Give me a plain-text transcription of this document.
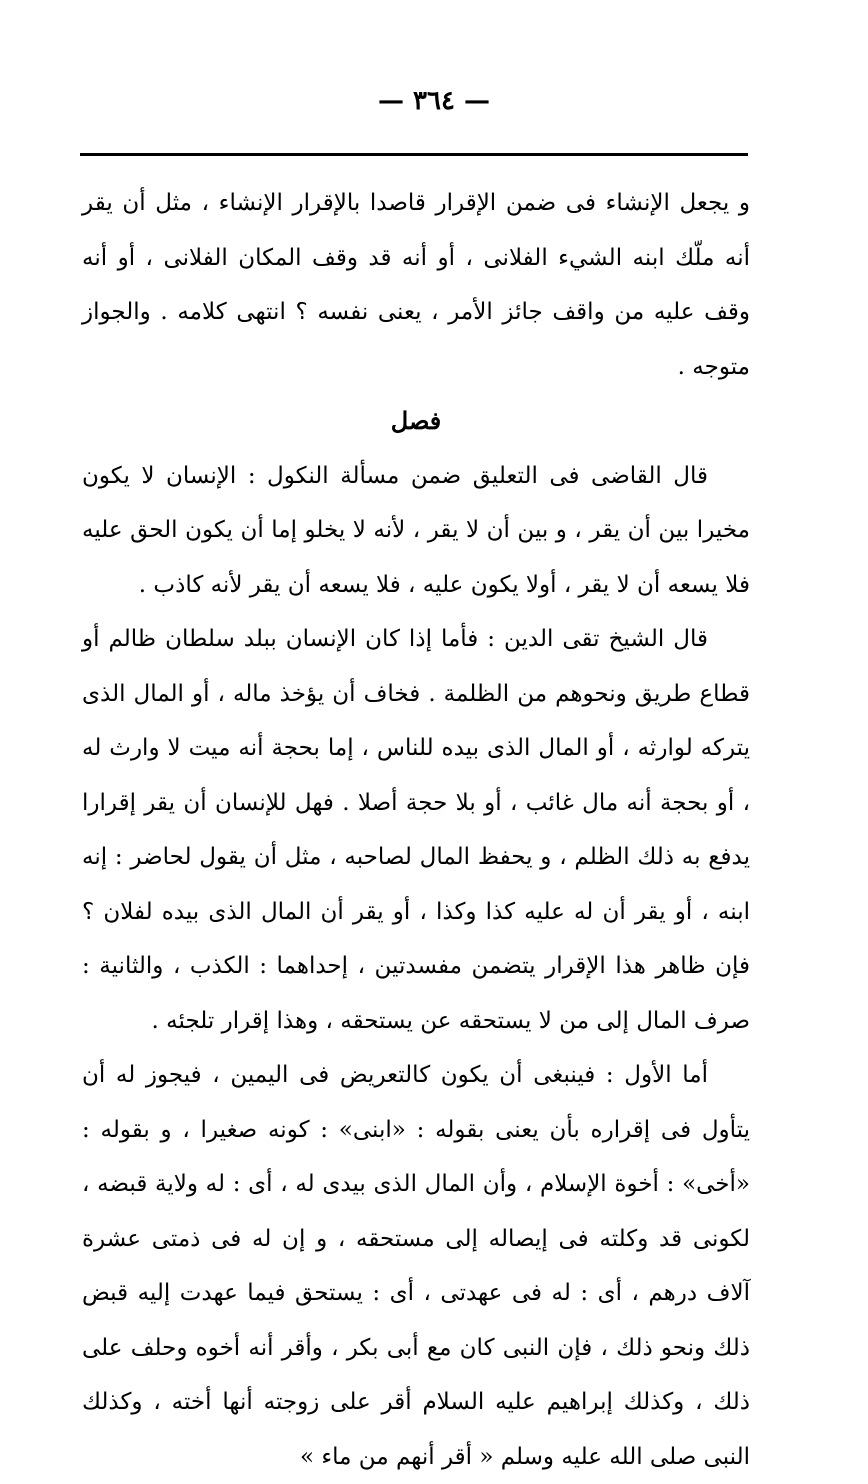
— ٣٦٤ —

و يجعل الإنشاء فى ضمن الإقرار قاصدا بالإقرار الإنشاء ، مثل أن يقر أنه ملّك ابنه الشيء الفلانى ، أو أنه قد وقف المكان الفلانى ، أو أنه وقف عليه من واقف جائز الأمر ، يعنى نفسه ؟ انتهى كلامه . والجواز متوجه .

فصل

قال القاضى فى التعليق ضمن مسألة النكول : الإنسان لا يكون مخيرا بين أن يقر ، و بين أن لا يقر ، لأنه لا يخلو إما أن يكون الحق عليه فلا يسعه أن لا يقر ، أولا يكون عليه ، فلا يسعه أن يقر لأنه كاذب .

قال الشيخ تقى الدين : فأما إذا كان الإنسان ببلد سلطان ظالم أو قطاع طريق ونحوهم من الظلمة . فخاف أن يؤخذ ماله ، أو المال الذى يتركه لوارثه ، أو المال الذى بيده للناس ، إما بحجة أنه ميت لا وارث له ، أو بحجة أنه مال غائب ، أو بلا حجة أصلا . فهل للإنسان أن يقر إقرارا يدفع به ذلك الظلم ، و يحفظ المال لصاحبه ، مثل أن يقول لحاضر : إنه ابنه ، أو يقر أن له عليه كذا وكذا ، أو يقر أن المال الذى بيده لفلان ؟ فإن ظاهر هذا الإقرار يتضمن مفسدتين ، إحداهما : الكذب ، والثانية : صرف المال إلى من لا يستحقه عن يستحقه ، وهذا إقرار تلجئه .

أما الأول : فينبغى أن يكون كالتعريض فى اليمين ، فيجوز له أن يتأول فى إقراره بأن يعنى بقوله : «ابنى» : كونه صغيرا ، و بقوله : «أخى» : أخوة الإسلام ، وأن المال الذى بيدى له ، أى : له ولاية قبضه ، لكونى قد وكلته فى إيصاله إلى مستحقه ، و إن له فى ذمتى عشرة آلاف درهم ، أى : له فى عهدتى ، أى : يستحق فيما عهدت إليه قبض ذلك ونحو ذلك ، فإن النبى كان مع أبى بكر ، وأقر أنه أخوه وحلف على ذلك ، وكذلك إبراهيم عليه السلام أقر على زوجته أنها أخته ، وكذلك النبى صلى الله عليه وسلم « أقر أنهم من ماء »
